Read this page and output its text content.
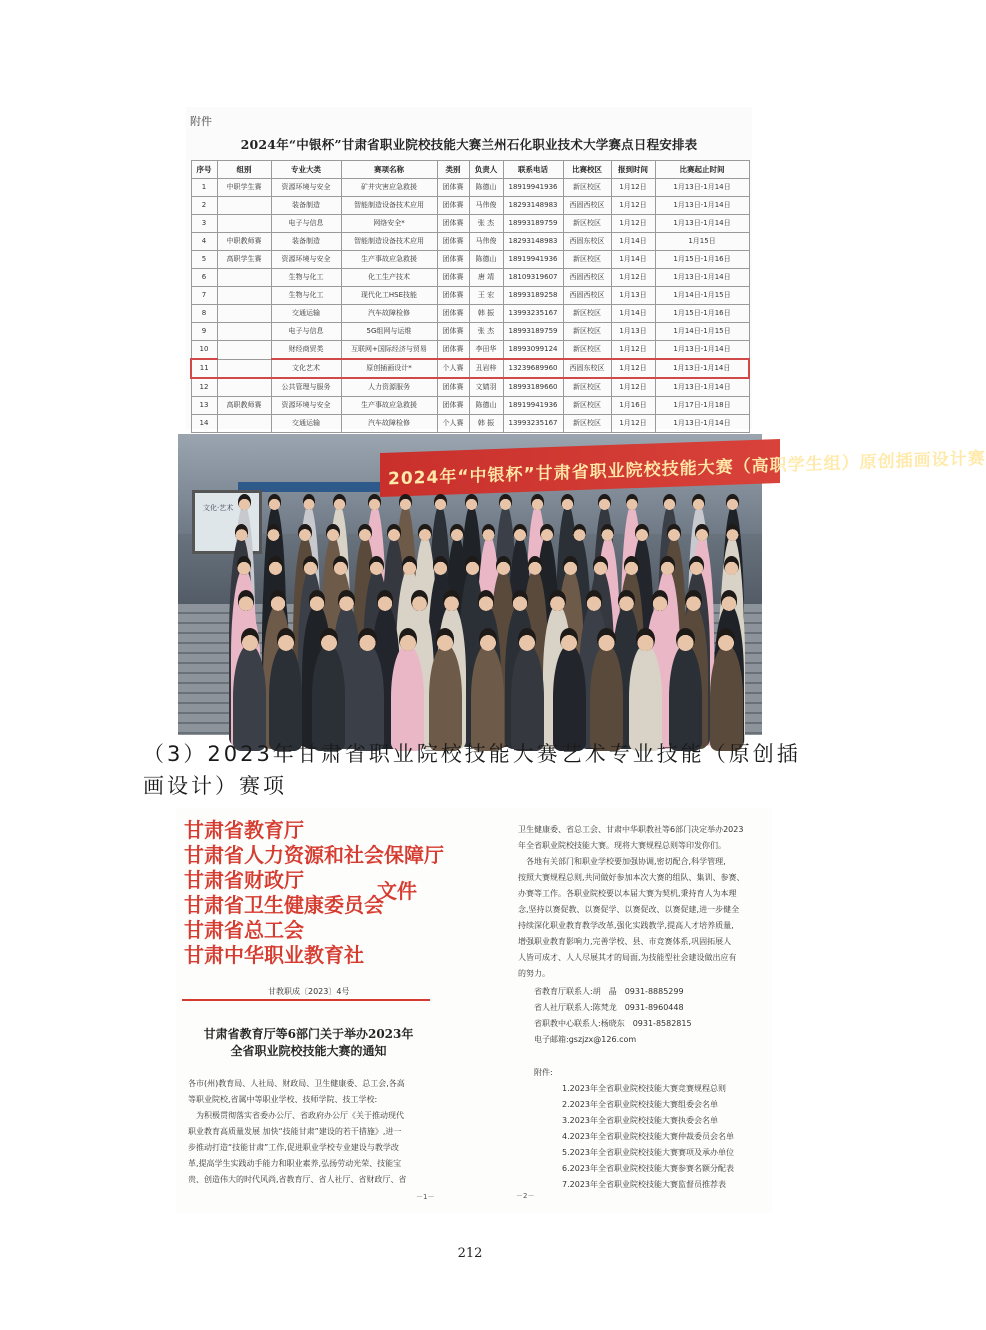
附件
2024年“中银杯”甘肃省职业院校技能大赛兰州石化职业技术大学赛点日程安排表
序号	组别	专业大类	赛项名称	类别	负责人	联系电话	比赛校区	报到时间	比赛起止时间
1	中职学生赛	资源环境与安全	矿井灾害应急救援	团体赛	陈德山	18919941936	新区校区	1月12日	1月13日-1月14日
2		装备制造	智能制造设备技术应用	团体赛	马伟俊	18293148983	西固西校区	1月12日	1月13日-1月14日
3		电子与信息	网络安全*	团体赛	张 杰	18993189759	新区校区	1月12日	1月13日-1月14日
4	中职教师赛	装备制造	智能制造设备技术应用	团体赛	马伟俊	18293148983	西固东校区	1月14日	1月15日
5	高职学生赛	资源环境与安全	生产事故应急救援	团体赛	陈德山	18919941936	新区校区	1月14日	1月15日-1月16日
6		生物与化工	化工生产技术	团体赛	唐 靖	18109319607	西固西校区	1月12日	1月13日-1月14日
7		生物与化工	现代化工HSE技能	团体赛	王 宏	18993189258	西固西校区	1月13日	1月14日-1月15日
8		交通运输	汽车故障检修	团体赛	韩 振	13993235167	新区校区	1月14日	1月15日-1月16日
9		电子与信息	5G组网与运维	团体赛	张 杰	18993189759	新区校区	1月13日	1月14日-1月15日
10		财经商贸类	互联网+国际经济与贸易	团体赛	李田华	18993099124	新区校区	1月12日	1月13日-1月14日
11		文化艺术	原创插画设计*	个人赛	丑岩梓	13239689960	西固东校区	1月12日	1月13日-1月14日
12		公共管理与服务	人力资源服务	团体赛	文婧羽	18993189660	新区校区	1月12日	1月13日-1月14日
13	高职教师赛	资源环境与安全	生产事故应急救援	团体赛	陈德山	18919941936	新区校区	1月16日	1月17日-1月18日
14		交通运输	汽车故障检修	个人赛	韩 振	13993235167	新区校区	1月12日	1月13日-1月14日
文化·艺术
2024年“中银杯”甘肃省职业院校技能大赛（高职学生组）原创插画设计赛
（3）2023年甘肃省职业院校技能大赛艺术专业技能（原创插画设计）赛项
甘肃省教育厅
甘肃省人力资源和社会保障厅
甘肃省财政厅
甘肃省卫生健康委员会
甘肃省总工会
甘肃中华职业教育社
文件
甘教职成〔2023〕4号
甘肃省教育厅等6部门关于举办2023年
全省职业院校技能大赛的通知
各市(州)教育局、人社局、财政局、卫生健康委、总工会,各高
等职业院校,省属中等职业学校、技师学院、技工学校:
　为积极贯彻落实省委办公厅、省政府办公厅《关于推动现代
职业教育高质量发展 加快“技能甘肃”建设的若干措施》,进一
步推动打造“技能甘肃”工作,促进职业学校专业建设与教学改
革,提高学生实践动手能力和职业素养,弘扬劳动光荣、技能宝
贵、创造伟大的时代风尚,省教育厅、省人社厅、省财政厅、省
－1－
卫生健康委、省总工会、甘肃中华职教社等6部门决定举办2023
年全省职业院校技能大赛。现将大赛规程总则等印发你们。
　各地有关部门和职业学校要加强协调,密切配合,科学管理,
按照大赛规程总则,共同做好参加本次大赛的组队、集训、参赛、
办赛等工作。各职业院校要以本届大赛为契机,秉持育人为本理
念,坚持以赛促教、以赛促学、以赛促改、以赛促建,进一步健全
持续深化职业教育教学改革,强化实践教学,提高人才培养质量,
增强职业教育影响力,完善学校、县、市竞赛体系,巩固拓展人
人皆可成才、人人尽展其才的局面,为技能型社会建设做出应有
的努力。
省教育厅联系人:胡　晶　0931-8885299
省人社厅联系人:陈梵龙　0931-8960448
省职教中心联系人:杨晓东　0931-8582815
电子邮箱:gszjzx@126.com
附件:
1.2023年全省职业院校技能大赛竞赛规程总则
2.2023年全省职业院校技能大赛组委会名单
3.2023年全省职业院校技能大赛执委会名单
4.2023年全省职业院校技能大赛仲裁委员会名单
5.2023年全省职业院校技能大赛赛项及承办单位
6.2023年全省职业院校技能大赛参赛名额分配表
7.2023年全省职业院校技能大赛监督员推荐表
－2－
212
